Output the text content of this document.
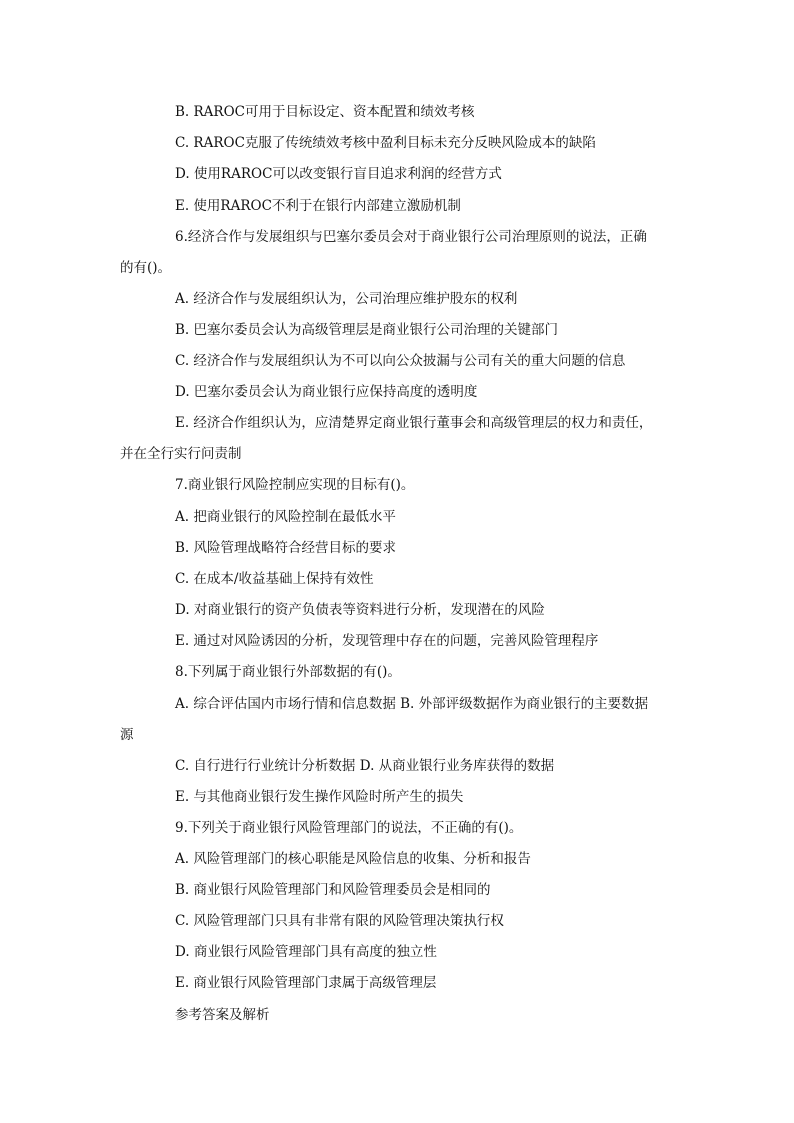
B. RAROC可用于目标设定、资本配置和绩效考核
C. RAROC克服了传统绩效考核中盈利目标未充分反映风险成本的缺陷
D. 使用RAROC可以改变银行盲目追求利润的经营方式
E. 使用RAROC不利于在银行内部建立激励机制
6.经济合作与发展组织与巴塞尔委员会对于商业银行公司治理原则的说法，正确
的有()。
A. 经济合作与发展组织认为，公司治理应维护股东的权利
B. 巴塞尔委员会认为高级管理层是商业银行公司治理的关键部门
C. 经济合作与发展组织认为不可以向公众披漏与公司有关的重大问题的信息
D. 巴塞尔委员会认为商业银行应保持高度的透明度
E. 经济合作组织认为，应清楚界定商业银行董事会和高级管理层的权力和责任，
并在全行实行问责制
7.商业银行风险控制应实现的目标有()。
A. 把商业银行的风险控制在最低水平
B. 风险管理战略符合经营目标的要求
C. 在成本/收益基础上保持有效性
D. 对商业银行的资产负债表等资料进行分析，发现潜在的风险
E. 通过对风险诱因的分析，发现管理中存在的问题，完善风险管理程序
8.下列属于商业银行外部数据的有()。
A. 综合评估国内市场行情和信息数据 B. 外部评级数据作为商业银行的主要数据
源
C. 自行进行行业统计分析数据 D. 从商业银行业务库获得的数据
E. 与其他商业银行发生操作风险时所产生的损失
9.下列关于商业银行风险管理部门的说法，不正确的有()。
A. 风险管理部门的核心职能是风险信息的收集、分析和报告
B. 商业银行风险管理部门和风险管理委员会是相同的
C. 风险管理部门只具有非常有限的风险管理决策执行权
D. 商业银行风险管理部门具有高度的独立性
E. 商业银行风险管理部门隶属于高级管理层
参考答案及解析
